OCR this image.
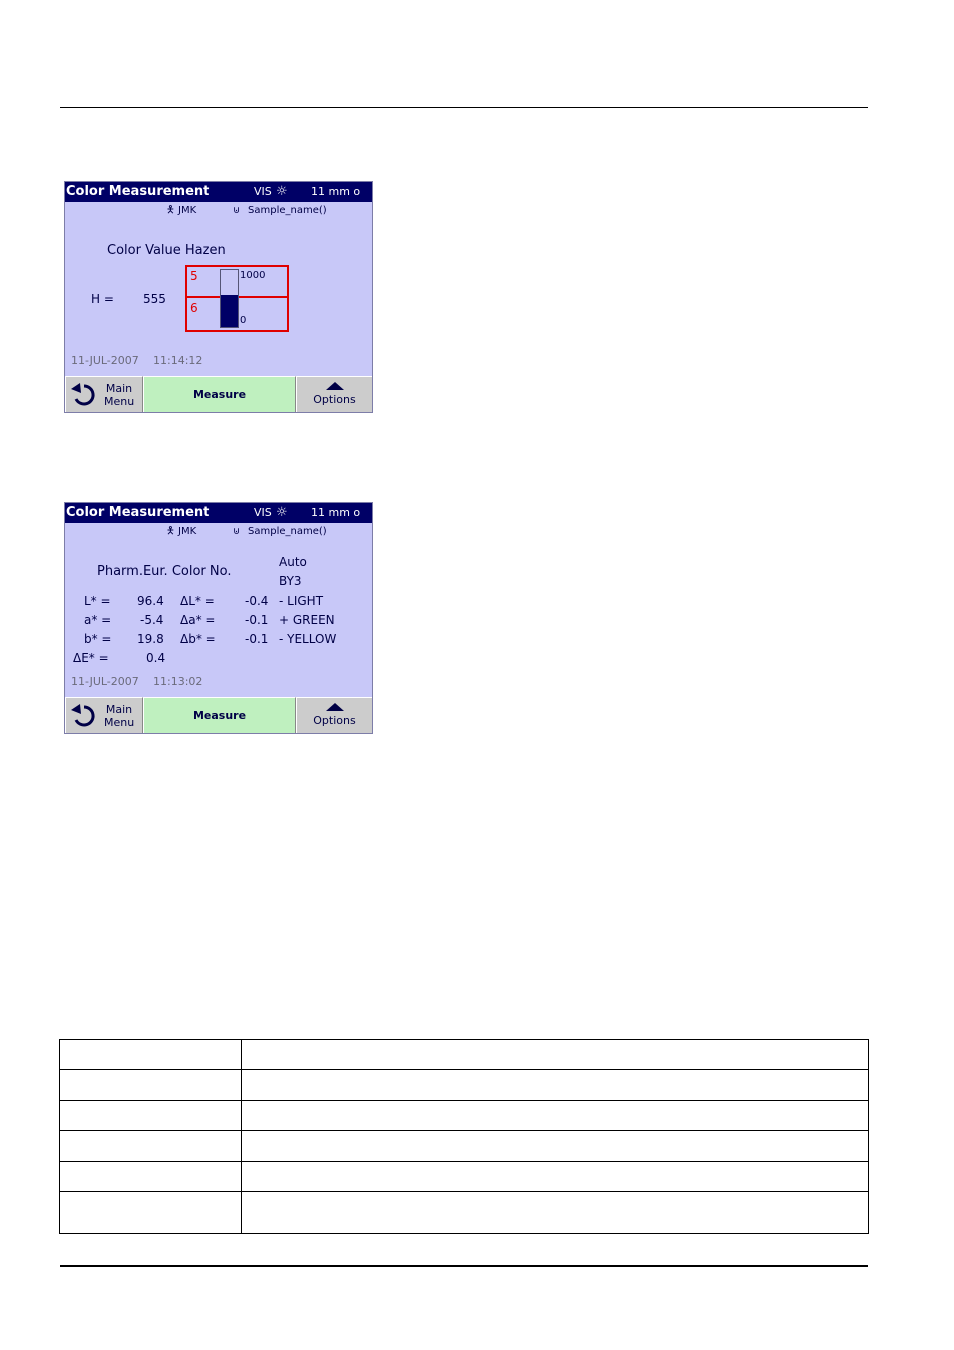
Color Measurement	VIS ☼ 11 mm o
🯅 JMK	⊍ Sample_name()
Color Value Hazen
H = 555
5
6
1000
0
11-JUL-2007 11:14:12
Main
Menu
Measure	Options
Color Measurement	VIS ☼ 11 mm o
🯅 JMK	⊍ Sample_name()
Auto
Pharm.Eur. Color No.
BY3
L* = 96.4 ΔL* =	-0.4 - LIGHT
a* = -5.4 Δa* = -0.1 + GREEN
b* = 19.8 Δb* = -0.1 - YELLOW
ΔE* =	0.4
11-JUL-2007 11:13:02
Main
Menu
Measure	Options
